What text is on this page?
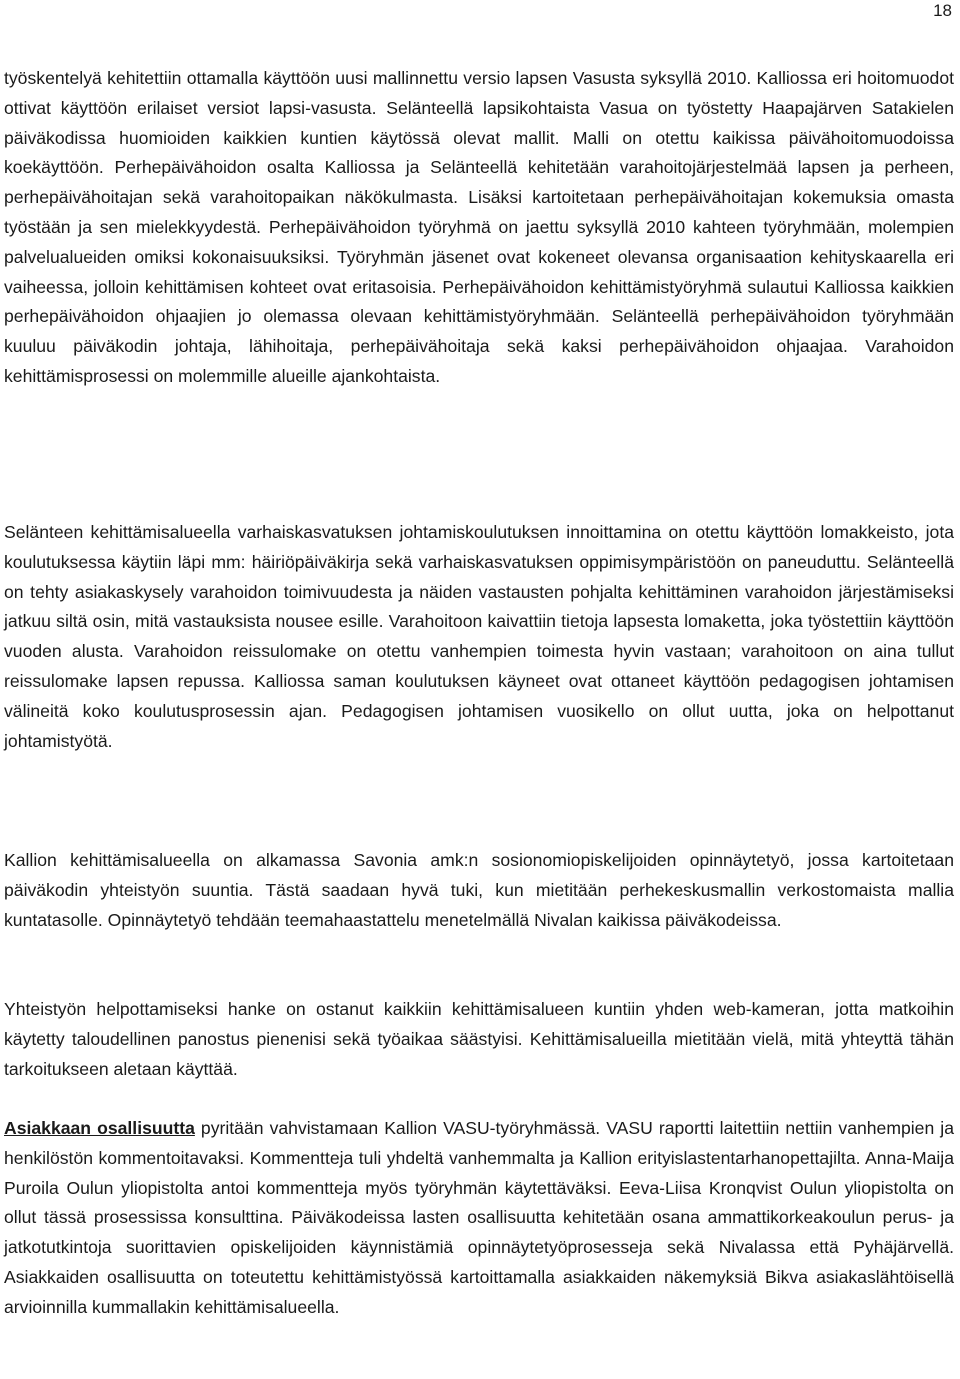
18

työskentelyä kehitettiin ottamalla käyttöön uusi mallinnettu versio lapsen Vasusta syksyllä 2010. Kalliossa eri hoitomuodot ottivat käyttöön erilaiset versiot lapsi-vasusta. Selänteellä lapsikohtaista Vasua on työstetty Haapajärven Satakielen päiväkodissa huomioiden kaikkien kuntien käytössä olevat mallit. Malli on otettu kaikissa päivähoitomuodoissa koekäyttöön. Perhepäivähoidon osalta Kalliossa ja Selänteellä kehitetään varahoitojärjestelmää lapsen ja perheen, perhepäivähoitajan sekä varahoitopaikan näkökulmasta. Lisäksi kartoitetaan perhepäivähoitajan kokemuksia omasta työstään ja sen mielekkyydestä. Perhepäivähoidon työryhmä on jaettu syksyllä 2010 kahteen työryhmään, molempien palvelualueiden omiksi kokonaisuuksiksi. Työryhmän jäsenet ovat kokeneet olevansa organisaation kehityskaarella eri vaiheessa, jolloin kehittämisen kohteet ovat eritasoisia. Perhepäivähoidon kehittämistyöryhmä sulautui Kalliossa kaikkien perhepäivähoidon ohjaajien jo olemassa olevaan kehittämistyöryhmään. Selänteellä perhepäivähoidon työryhmään kuuluu päiväkodin johtaja, lähihoitaja, perhepäivähoitaja sekä kaksi perhepäivähoidon ohjaajaa. Varahoidon kehittämisprosessi on molemmille alueille ajankohtaista.

Selänteen kehittämisalueella varhaiskasvatuksen johtamiskoulutuksen innoittamina on otettu käyttöön lomakkeisto, jota koulutuksessa käytiin läpi mm: häiriöpäiväkirja sekä varhaiskasvatuksen oppimisympäristöön on paneuduttu. Selänteellä on tehty asiakaskysely varahoidon toimivuudesta ja näiden vastausten pohjalta kehittäminen varahoidon järjestämiseksi jatkuu siltä osin, mitä vastauksista nousee esille. Varahoitoon kaivattiin tietoja lapsesta lomaketta, joka työstettiin käyttöön vuoden alusta. Varahoidon reissulomake on otettu vanhempien toimesta hyvin vastaan; varahoitoon on aina tullut reissulomake lapsen repussa. Kalliossa saman koulutuksen käyneet ovat ottaneet käyttöön pedagogisen johtamisen välineitä koko koulutusprosessin ajan. Pedagogisen johtamisen vuosikello on ollut uutta, joka on helpottanut johtamistyötä.

Kallion kehittämisalueella on alkamassa Savonia amk:n sosionomiopiskelijoiden opinnäytetyö, jossa kartoitetaan päiväkodin yhteistyön suuntia. Tästä saadaan hyvä tuki, kun mietitään perhekeskusmallin verkostomaista mallia kuntatasolle. Opinnäytetyö tehdään teemahaastattelu menetelmällä Nivalan kaikissa päiväkodeissa.

Yhteistyön helpottamiseksi hanke on ostanut kaikkiin kehittämisalueen kuntiin yhden web-kameran, jotta matkoihin käytetty taloudellinen panostus pienenisi sekä työaikaa säästyisi. Kehittämisalueilla mietitään vielä, mitä yhteyttä tähän tarkoitukseen aletaan käyttää.

Asiakkaan osallisuutta pyritään vahvistamaan Kallion VASU-työryhmässä. VASU raportti laitettiin nettiin vanhempien ja henkilöstön kommentoitavaksi. Kommentteja tuli yhdeltä vanhemmalta ja Kallion erityislastentarhanopettajilta. Anna-Maija Puroila Oulun yliopistolta antoi kommentteja myös työryhmän käytettäväksi. Eeva-Liisa Kronqvist Oulun yliopistolta on ollut tässä prosessissa konsulttina. Päiväkodeissa lasten osallisuutta kehitetään osana ammattikorkeakoulun perus- ja jatkotutkintoja suorittavien opiskelijoiden käynnistämiä opinnäytetyöprosesseja sekä Nivalassa että Pyhäjärvellä. Asiakkaiden osallisuutta on toteutettu kehittämistyössä kartoittamalla asiakkaiden näkemyksiä Bikva asiakaslähtöisellä arvioinnilla kummallakin kehittämisalueella.
